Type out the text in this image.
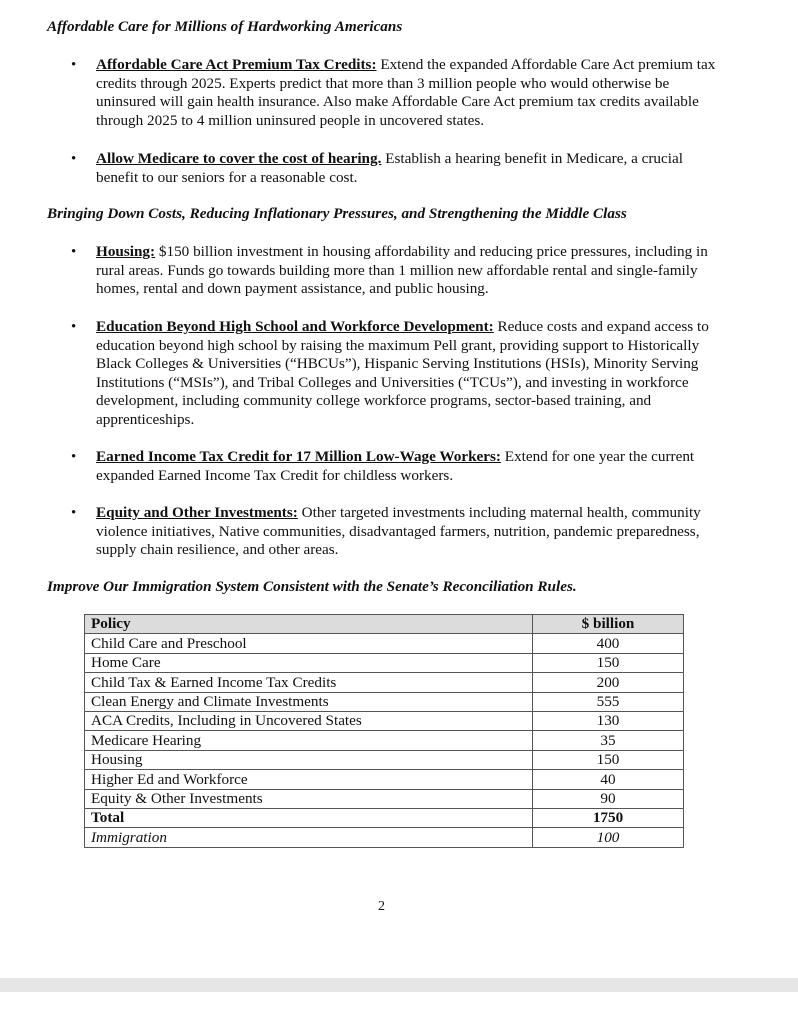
Affordable Care for Millions of Hardworking Americans
• Affordable Care Act Premium Tax Credits: Extend the expanded Affordable Care Act premium tax credits through 2025. Experts predict that more than 3 million people who would otherwise be uninsured will gain health insurance. Also make Affordable Care Act premium tax credits available through 2025 to 4 million uninsured people in uncovered states.
• Allow Medicare to cover the cost of hearing. Establish a hearing benefit in Medicare, a crucial benefit to our seniors for a reasonable cost.
Bringing Down Costs, Reducing Inflationary Pressures, and Strengthening the Middle Class
• Housing: $150 billion investment in housing affordability and reducing price pressures, including in rural areas. Funds go towards building more than 1 million new affordable rental and single-family homes, rental and down payment assistance, and public housing.
• Education Beyond High School and Workforce Development: Reduce costs and expand access to education beyond high school by raising the maximum Pell grant, providing support to Historically Black Colleges & Universities (“HBCUs”), Hispanic Serving Institutions (HSIs), Minority Serving Institutions (“MSIs”), and Tribal Colleges and Universities (“TCUs”), and investing in workforce development, including community college workforce programs, sector-based training, and apprenticeships.
• Earned Income Tax Credit for 17 Million Low-Wage Workers: Extend for one year the current expanded Earned Income Tax Credit for childless workers.
• Equity and Other Investments: Other targeted investments including maternal health, community violence initiatives, Native communities, disadvantaged farmers, nutrition, pandemic preparedness, supply chain resilience, and other areas.
Improve Our Immigration System Consistent with the Senate’s Reconciliation Rules.
Policy	$ billion
Child Care and Preschool	400
Home Care	150
Child Tax & Earned Income Tax Credits	200
Clean Energy and Climate Investments	555
ACA Credits, Including in Uncovered States	130
Medicare Hearing	35
Housing	150
Higher Ed and Workforce	40
Equity & Other Investments	90
Total	1750
Immigration	100
2
